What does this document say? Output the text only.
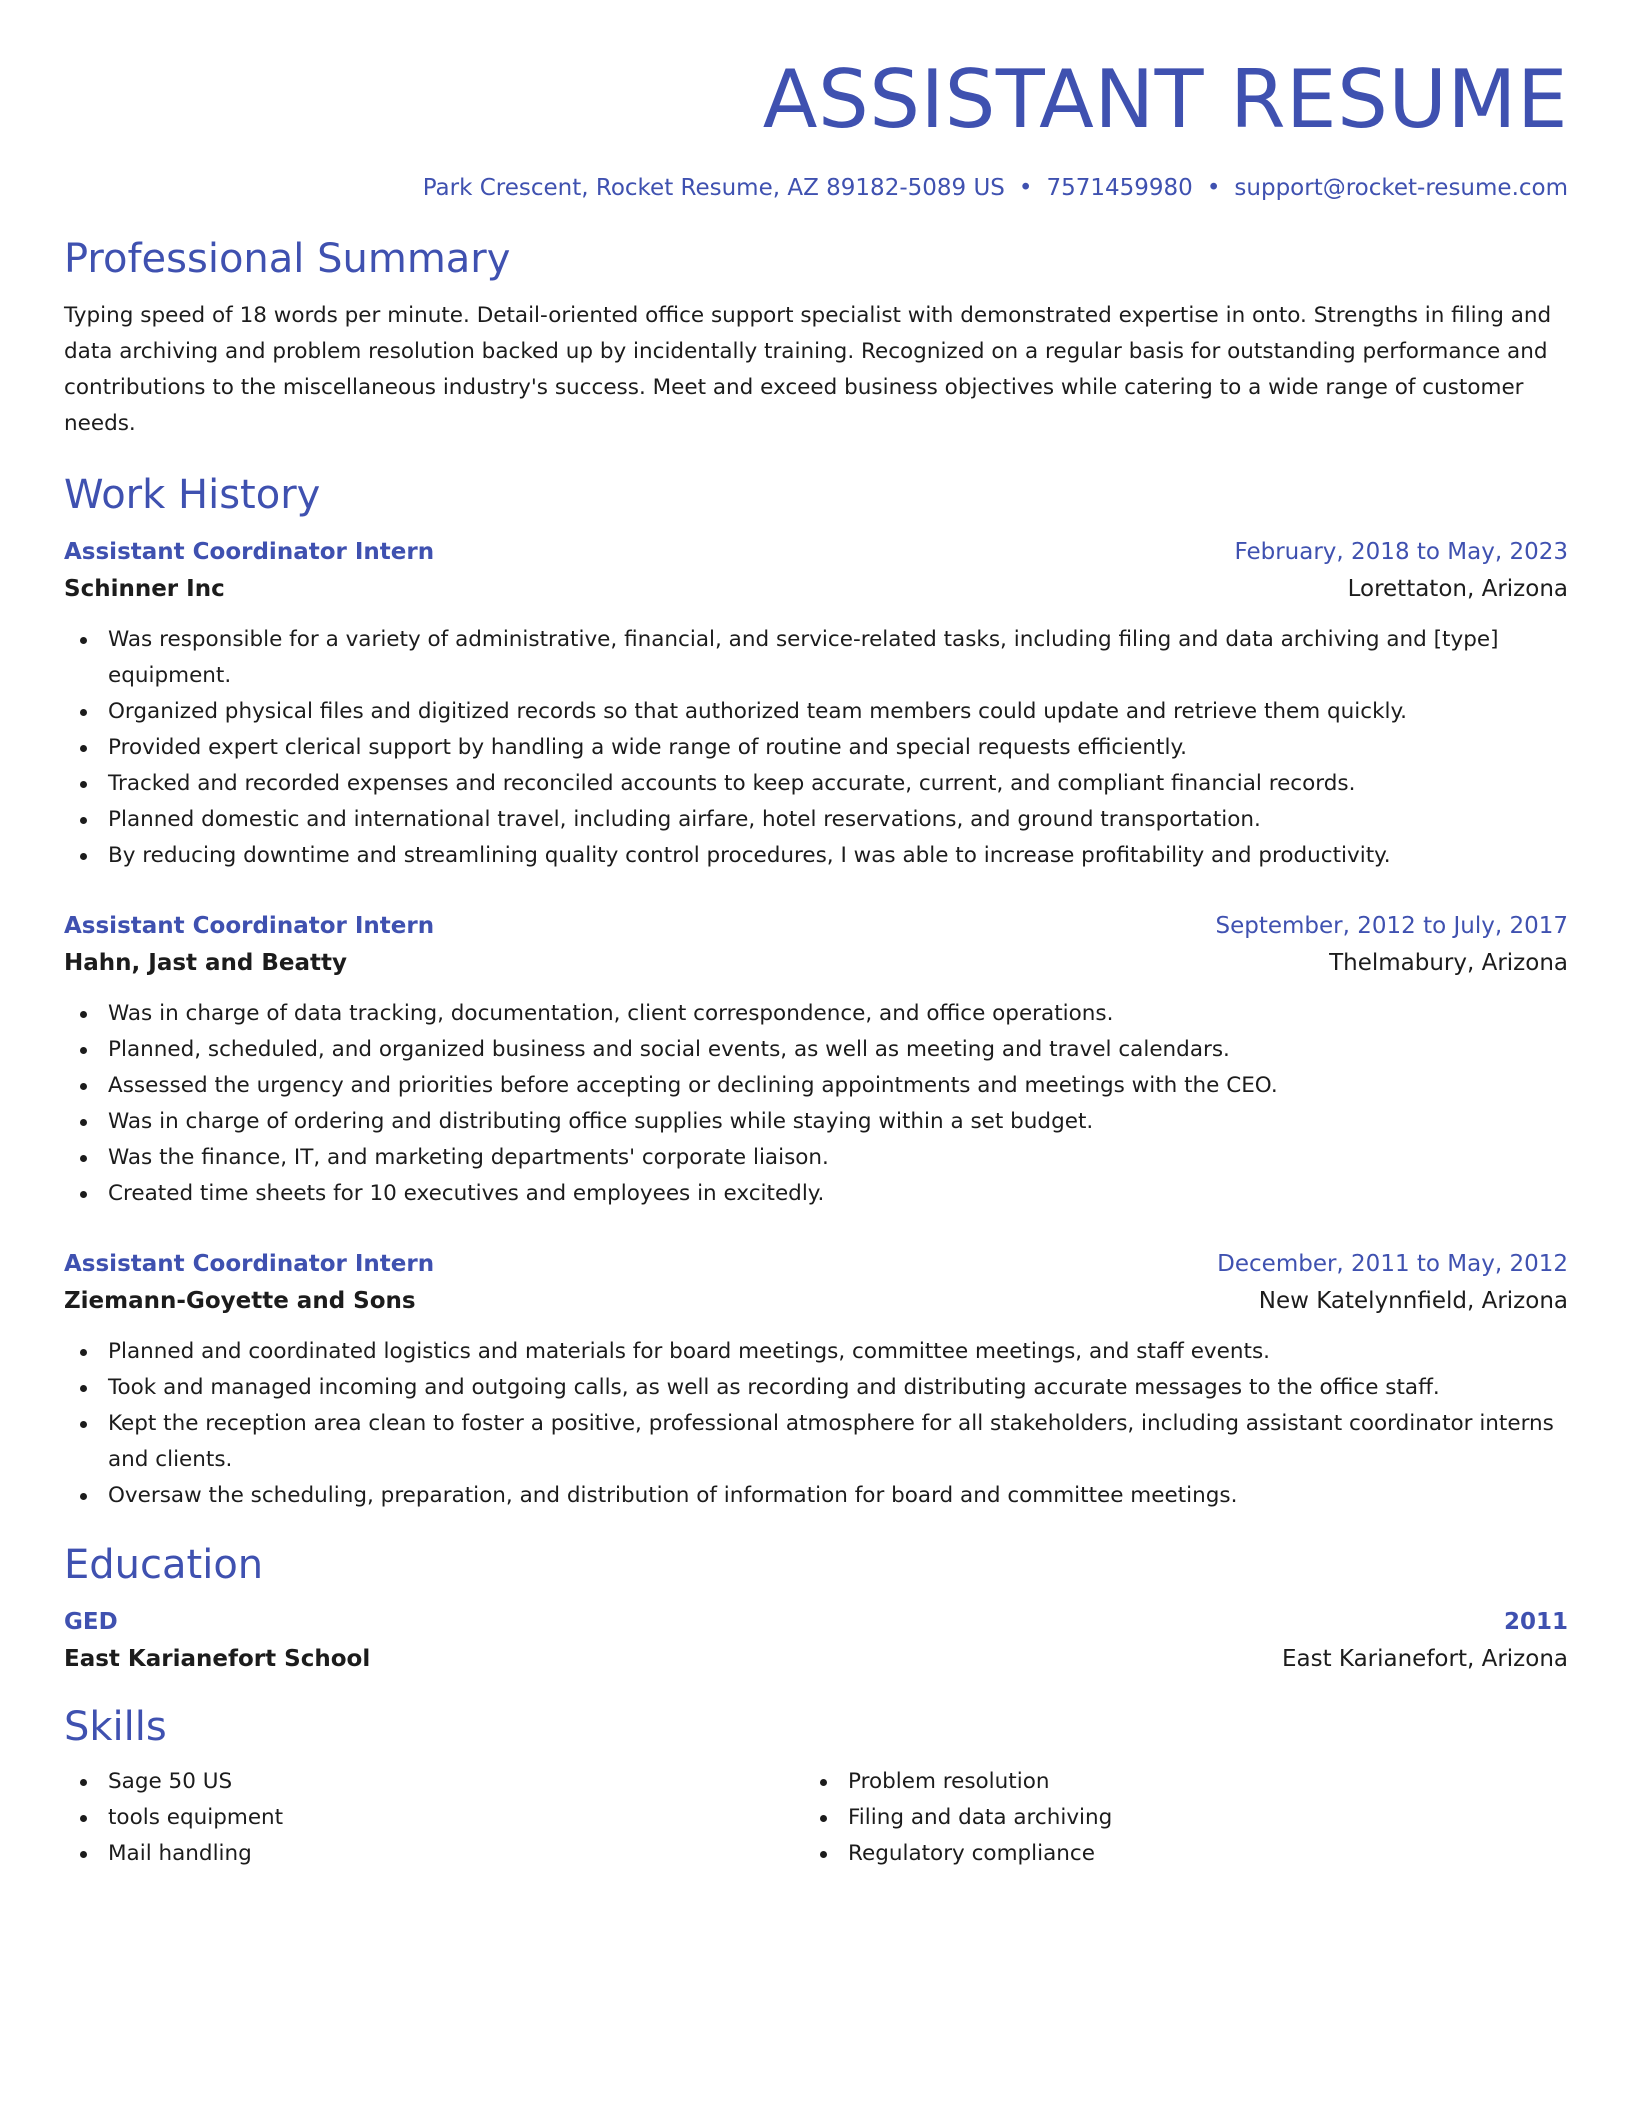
ASSISTANT RESUME
Park Crescent, Rocket Resume, AZ 89182-5089 US • 7571459980 • support@rocket-resume.com
Professional Summary
Typing speed of 18 words per minute. Detail-oriented office support specialist with demonstrated expertise in onto. Strengths in filing and data archiving and problem resolution backed up by incidentally training. Recognized on a regular basis for outstanding performance and contributions to the miscellaneous industry's success. Meet and exceed business objectives while catering to a wide range of customer needs.
Work History
Assistant Coordinator Intern	February, 2018 to May, 2023
Schinner Inc	Lorettaton, Arizona
Was responsible for a variety of administrative, financial, and service-related tasks, including filing and data archiving and [type] equipment.
Organized physical files and digitized records so that authorized team members could update and retrieve them quickly.
Provided expert clerical support by handling a wide range of routine and special requests efficiently.
Tracked and recorded expenses and reconciled accounts to keep accurate, current, and compliant financial records.
Planned domestic and international travel, including airfare, hotel reservations, and ground transportation.
By reducing downtime and streamlining quality control procedures, I was able to increase profitability and productivity.
Assistant Coordinator Intern	September, 2012 to July, 2017
Hahn, Jast and Beatty	Thelmabury, Arizona
Was in charge of data tracking, documentation, client correspondence, and office operations.
Planned, scheduled, and organized business and social events, as well as meeting and travel calendars.
Assessed the urgency and priorities before accepting or declining appointments and meetings with the CEO.
Was in charge of ordering and distributing office supplies while staying within a set budget.
Was the finance, IT, and marketing departments' corporate liaison.
Created time sheets for 10 executives and employees in excitedly.
Assistant Coordinator Intern	December, 2011 to May, 2012
Ziemann-Goyette and Sons	New Katelynnfield, Arizona
Planned and coordinated logistics and materials for board meetings, committee meetings, and staff events.
Took and managed incoming and outgoing calls, as well as recording and distributing accurate messages to the office staff.
Kept the reception area clean to foster a positive, professional atmosphere for all stakeholders, including assistant coordinator interns and clients.
Oversaw the scheduling, preparation, and distribution of information for board and committee meetings.
Education
GED	2011
East Karianefort School	East Karianefort, Arizona
Skills
Sage 50 US
tools equipment
Mail handling
Problem resolution
Filing and data archiving
Regulatory compliance
